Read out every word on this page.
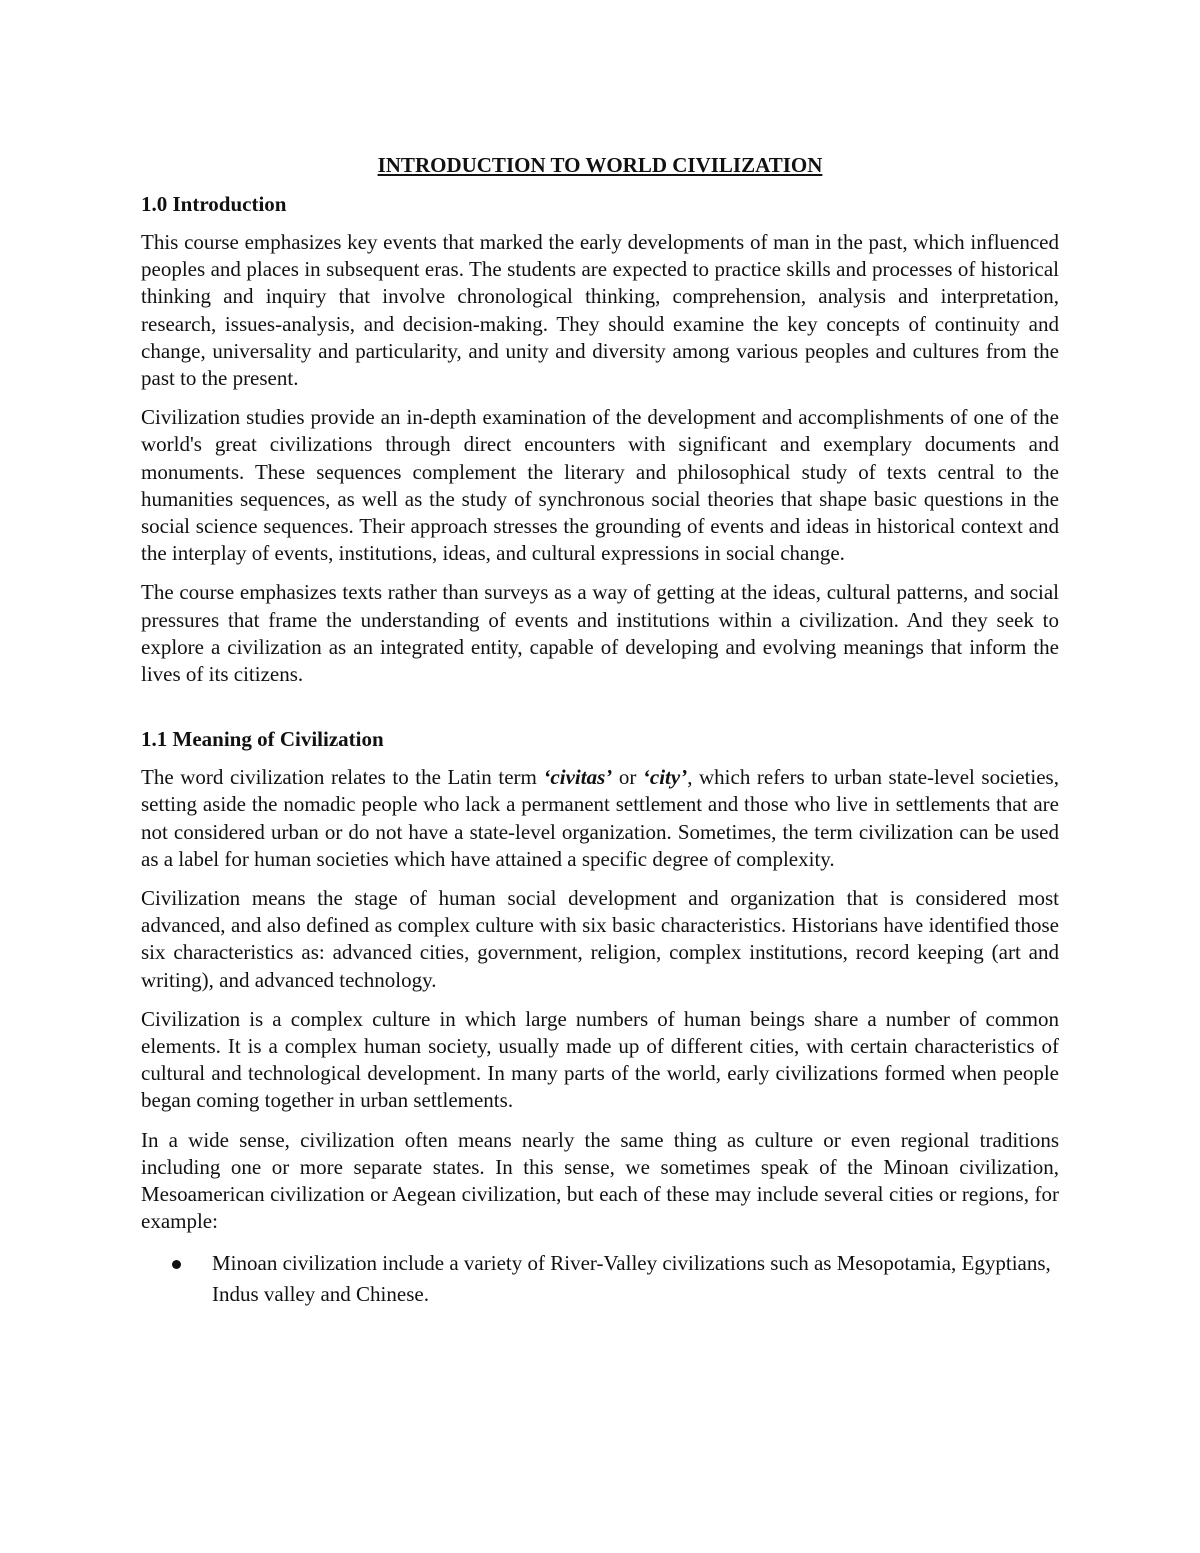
INTRODUCTION TO WORLD CIVILIZATION
1.0 Introduction

This course emphasizes key events that marked the early developments of man in the past, which influenced peoples and places in subsequent eras. The students are expected to practice skills and processes of historical thinking and inquiry that involve chronological thinking, comprehension, analysis and interpretation, research, issues-analysis, and decision-making. They should examine the key concepts of continuity and change, universality and particularity, and unity and diversity among various peoples and cultures from the past to the present.

Civilization studies provide an in-depth examination of the development and accomplishments of one of the world's great civilizations through direct encounters with significant and exemplary documents and monuments. These sequences complement the literary and philosophical study of texts central to the humanities sequences, as well as the study of synchronous social theories that shape basic questions in the social science sequences. Their approach stresses the grounding of events and ideas in historical context and the interplay of events, institutions, ideas, and cultural expressions in social change.

The course emphasizes texts rather than surveys as a way of getting at the ideas, cultural patterns, and social pressures that frame the understanding of events and institutions within a civilization. And they seek to explore a civilization as an integrated entity, capable of developing and evolving meanings that inform the lives of its citizens.

1.1 Meaning of Civilization

The word civilization relates to the Latin term ‘civitas’ or ‘city’, which refers to urban state-level societies, setting aside the nomadic people who lack a permanent settlement and those who live in settlements that are not considered urban or do not have a state-level organization. Sometimes, the term civilization can be used as a label for human societies which have attained a specific degree of complexity.

Civilization means the stage of human social development and organization that is considered most advanced, and also defined as complex culture with six basic characteristics. Historians have identified those six characteristics as: advanced cities, government, religion, complex institutions, record keeping (art and writing), and advanced technology.

Civilization is a complex culture in which large numbers of human beings share a number of common elements. It is a complex human society, usually made up of different cities, with certain characteristics of cultural and technological development. In many parts of the world, early civilizations formed when people began coming together in urban settlements.

In a wide sense, civilization often means nearly the same thing as culture or even regional traditions including one or more separate states. In this sense, we sometimes speak of the Minoan civilization, Mesoamerican civilization or Aegean civilization, but each of these may include several cities or regions, for example:

Minoan civilization include a variety of River-Valley civilizations such as Mesopotamia, Egyptians, Indus valley and Chinese.
